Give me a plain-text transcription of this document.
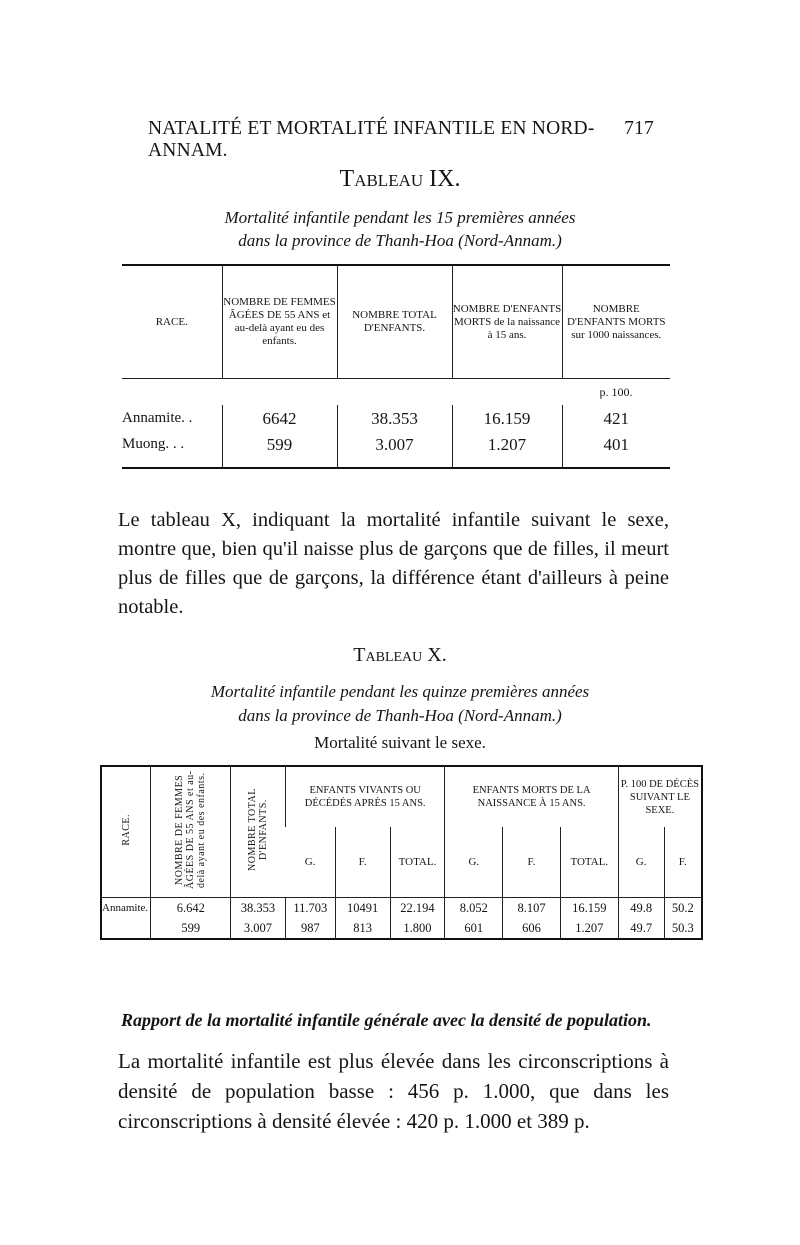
NATALITÉ ET MORTALITÉ INFANTILE EN NORD-ANNAM.
717
Tableau IX.
Mortalité infantile pendant les 15 premières années
dans la province de Thanh-Hoa (Nord-Annam.)
RACE.	NOMBRE DE FEMMES ÂGÉES DE 55 ANS et au-delà ayant eu des enfants.	NOMBRE TOTAL D'ENFANTS.	NOMBRE D'ENFANTS MORTS de la naissance à 15 ans.	NOMBRE D'ENFANTS MORTS sur 1000 naissances.
				p. 100.
Annamite. .	6642	38.353	16.159	421
Muong. . .	599	3.007	1.207	401

Le tableau X, indiquant la mortalité infantile suivant le sexe, montre que, bien qu'il naisse plus de garçons que de filles, il meurt plus de filles que de garçons, la différence étant d'ailleurs à peine notable.

Tableau X.
Mortalité infantile pendant les quinze premières années
dans la province de Thanh-Hoa (Nord-Annam.)
Mortalité suivant le sexe.
RACE.	NOMBRE DE FEMMES ÂGÉES DE 55 ANS et au-delà ayant eu des enfants.	NOMBRE TOTAL D'ENFANTS.	ENFANTS VIVANTS OU DÉCÉDÉS APRÈS 15 ANS.			ENFANTS MORTS DE LA NAISSANCE À 15 ANS.			P. 100 DE DÉCÈS SUIVANT LE SEXE.	
			G.	F.	TOTAL.	G.	F.	TOTAL.	G.	F.
Annamite.	6.642	38.353	11.703	10491	22.194	8.052	8.107	16.159	49.8	50.2
	599	3.007	987	813	1.800	601	606	1.207	49.7	50.3
Rapport de la mortalité infantile générale avec la densité de population.

La mortalité infantile est plus élevée dans les circonscriptions à densité de population basse : 456 p. 1.000, que dans les circonscriptions à densité élevée : 420 p. 1.000 et 389 p.
